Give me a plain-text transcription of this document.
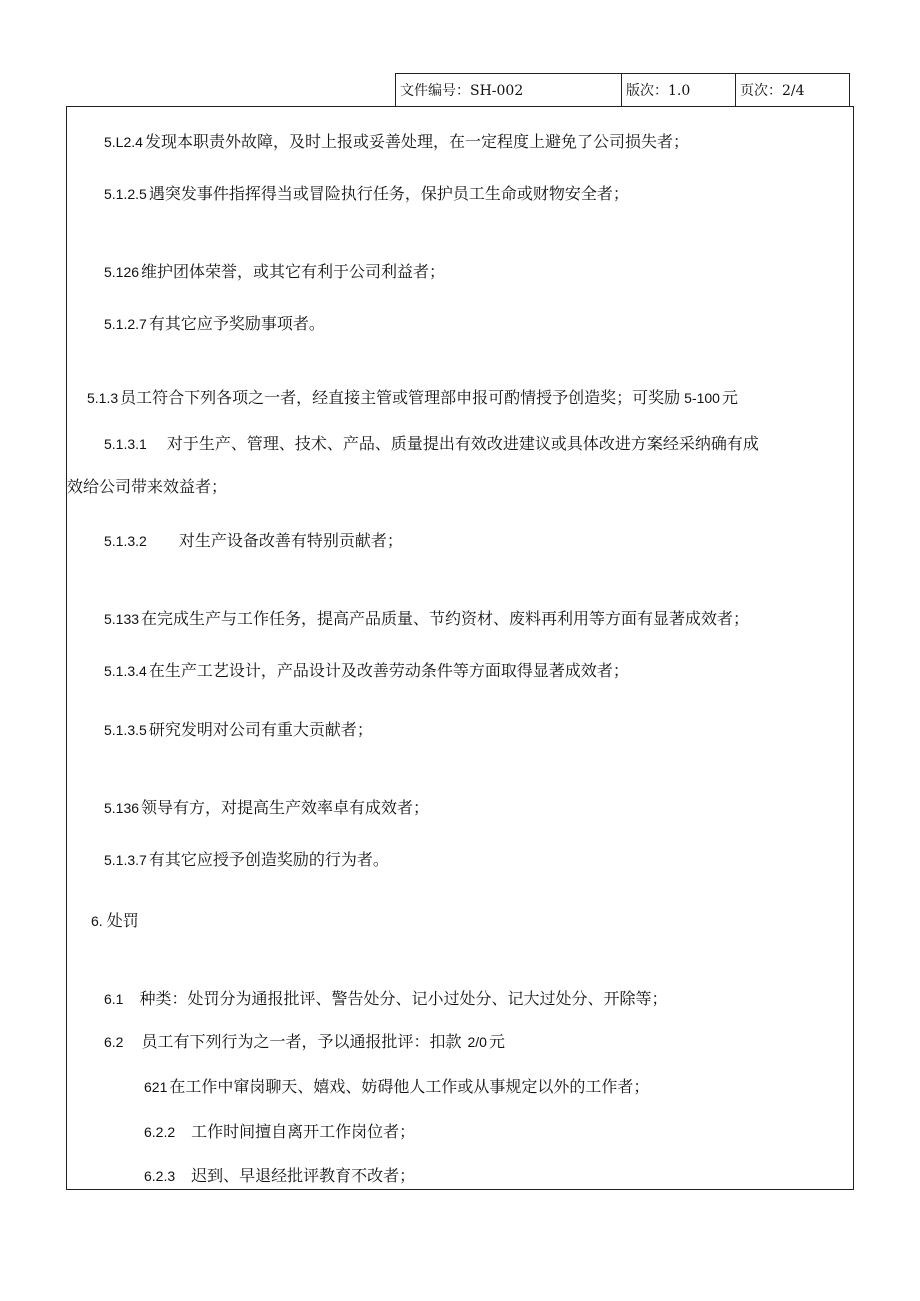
文件编号：SH-002	版次：1.0	页次：2/4
5.L2.4 发现本职责外故障，及时上报或妥善处理，在一定程度上避免了公司损失者；
5.1.2.5 遇突发事件指挥得当或冒险执行任务，保护员工生命或财物安全者；
5.126 维护团体荣誉，或其它有利于公司利益者；
5.1.2.7 有其它应予奖励事项者。
5.1.3 员工符合下列各项之一者，经直接主管或管理部申报可酌情授予创造奖；可奖励 5-100 元
5.1.3.1 对于生产、管理、技术、产品、质量提出有效改进建议或具体改进方案经采纳确有成
效给公司带来效益者；
5.1.3.2 对生产设备改善有特别贡献者；
5.133 在完成生产与工作任务，提高产品质量、节约资材、废料再利用等方面有显著成效者；
5.1.3.4 在生产工艺设计，产品设计及改善劳动条件等方面取得显著成效者；
5.1.3.5 研究发明对公司有重大贡献者；
5.136 领导有方，对提高生产效率卓有成效者；
5.1.3.7 有其它应授予创造奖励的行为者。
6. 处罚
6.1 种类：处罚分为通报批评、警告处分、记小过处分、记大过处分、开除等；
6.2 员工有下列行为之一者，予以通报批评：扣款 2/0 元
621 在工作中窜岗聊天、嬉戏、妨碍他人工作或从事规定以外的工作者；
6.2.2 工作时间擅自离开工作岗位者；
6.2.3 迟到、早退经批评教育不改者；
